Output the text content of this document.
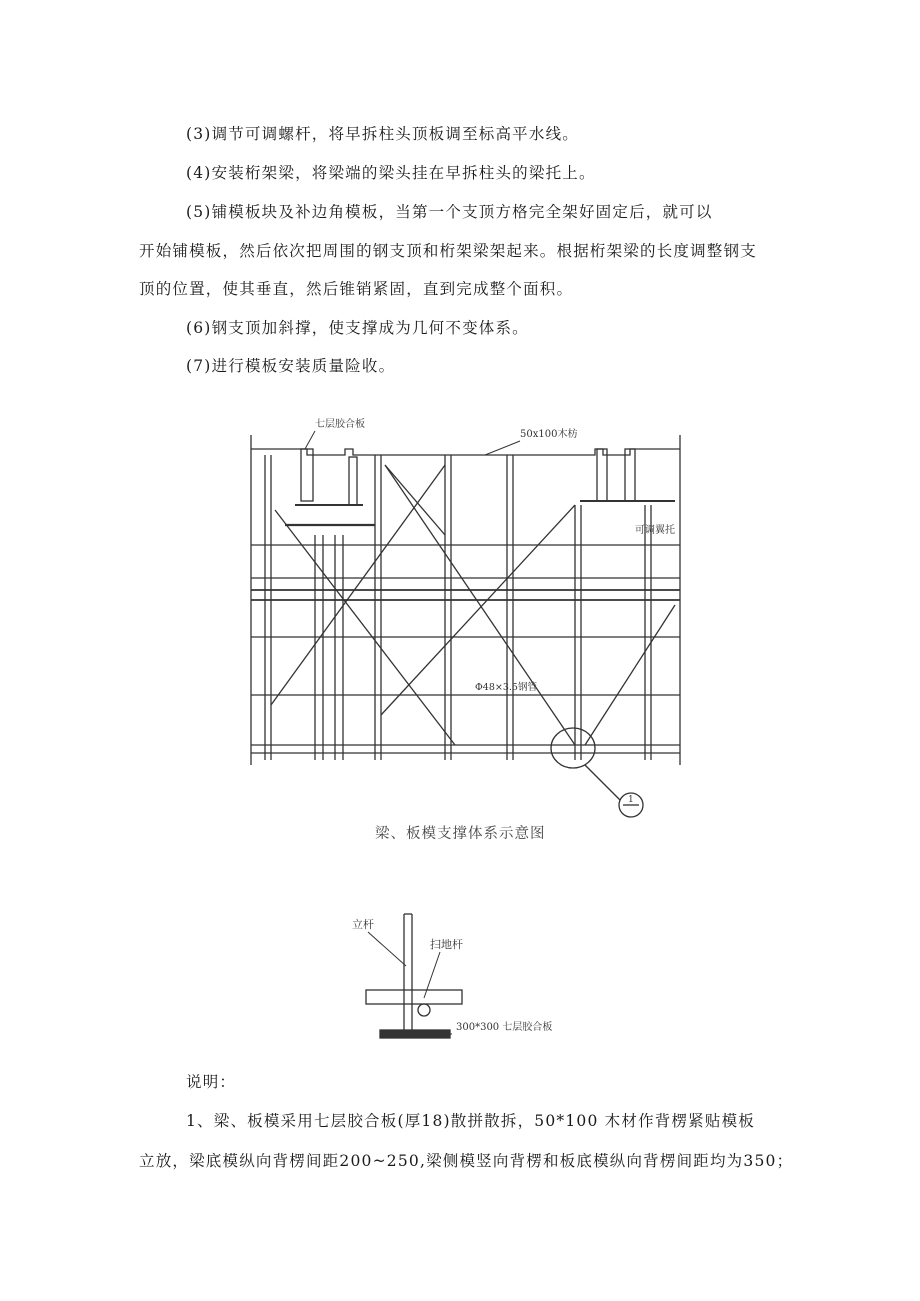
(3)调节可调螺杆，将早拆柱头顶板调至标高平水线。
(4)安装桁架梁，将梁端的梁头挂在早拆柱头的梁托上。
(5)铺模板块及补边角模板，当第一个支顶方格完全架好固定后，就可以
开始铺模板，然后依次把周围的钢支顶和桁架梁架起来。根据桁架梁的长度调整钢支
顶的位置，使其垂直，然后锥销紧固，直到完成整个面积。
(6)钢支顶加斜撑，使支撑成为几何不变体系。
(7)进行模板安装质量险收。
七层胶合板
50x100木枋
可调翼托
Φ48×3.5钢管
1
梁、板模支撑体系示意图
立杆
扫地杆
300*300 七层胶合板
说明：
1、梁、板模采用七层胶合板(厚18)散拼散拆，50*100 木材作背楞紧贴模板
立放，梁底模纵向背楞间距200~250,梁侧模竖向背楞和板底模纵向背楞间距均为350；
